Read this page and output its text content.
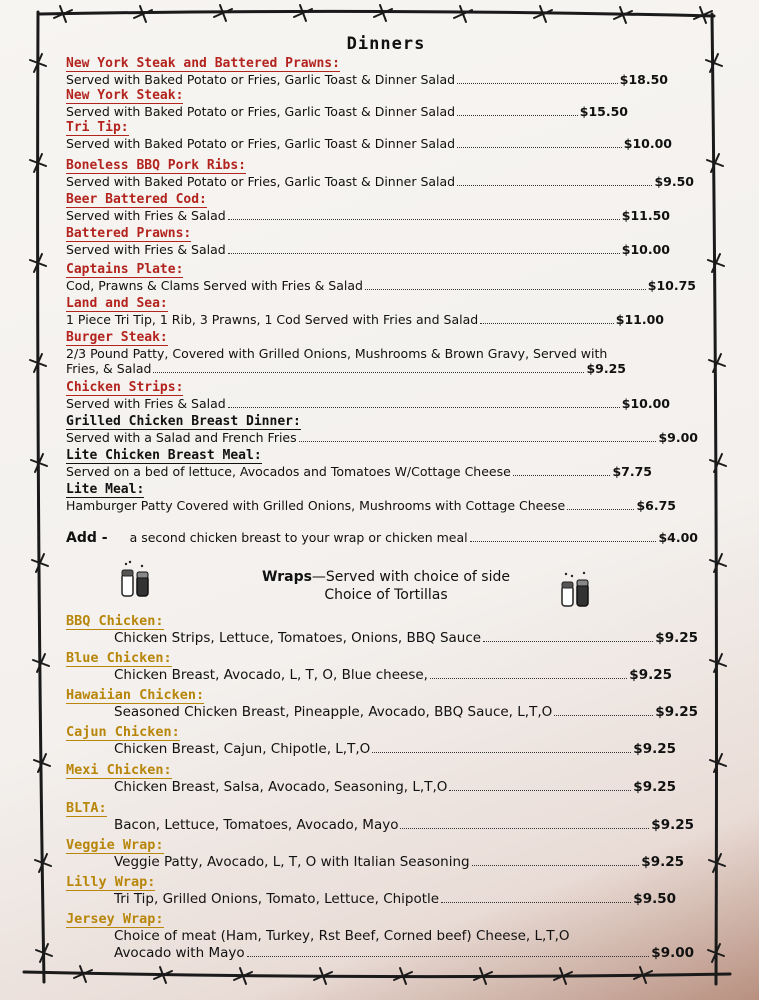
Dinners
New York Steak and Battered Prawns:
Served with Baked Potato or Fries, Garlic Toast & Dinner Salad	$18.50
New York Steak:
Served with Baked Potato or Fries, Garlic Toast & Dinner Salad	$15.50
Tri Tip:
Served with Baked Potato or Fries, Garlic Toast & Dinner Salad	$10.00
Boneless BBQ Pork Ribs:
Served with Baked Potato or Fries, Garlic Toast & Dinner Salad	$9.50
Beer Battered Cod:
Served with Fries & Salad	$11.50
Battered Prawns:
Served with Fries & Salad	$10.00
Captains Plate:
Cod, Prawns & Clams Served with Fries & Salad	$10.75
Land and Sea:
1 Piece Tri Tip, 1 Rib, 3 Prawns, 1 Cod Served with Fries and Salad	$11.00
Burger Steak:
2/3 Pound Patty, Covered with Grilled Onions, Mushrooms & Brown Gravy, Served with
Fries, & Salad	$9.25
Chicken Strips:
Served with Fries & Salad	$10.00
Grilled Chicken Breast Dinner:
Served with a Salad and French Fries	$9.00
Lite Chicken Breast Meal:
Served on a bed of lettuce, Avocados and Tomatoes W/Cottage Cheese	$7.75
Lite Meal:
Hamburger Patty Covered with Grilled Onions, Mushrooms with Cottage Cheese	$6.75
Add - a second chicken breast to your wrap or chicken meal	$4.00
Wraps—Served with choice of side
Choice of Tortillas
BBQ Chicken:
Chicken Strips, Lettuce, Tomatoes, Onions, BBQ Sauce	$9.25
Blue Chicken:
Chicken Breast, Avocado, L, T, O, Blue cheese,	$9.25
Hawaiian Chicken:
Seasoned Chicken Breast, Pineapple, Avocado, BBQ Sauce, L,T,O	$9.25
Cajun Chicken:
Chicken Breast, Cajun, Chipotle, L,T,O	$9.25
Mexi Chicken:
Chicken Breast, Salsa, Avocado, Seasoning, L,T,O	$9.25
BLTA:
Bacon, Lettuce, Tomatoes, Avocado, Mayo	$9.25
Veggie Wrap:
Veggie Patty, Avocado, L, T, O with Italian Seasoning	$9.25
Lilly Wrap:
Tri Tip, Grilled Onions, Tomato, Lettuce, Chipotle	$9.50
Jersey Wrap:
Choice of meat (Ham, Turkey, Rst Beef, Corned beef) Cheese, L,T,O
Avocado with Mayo	$9.00
